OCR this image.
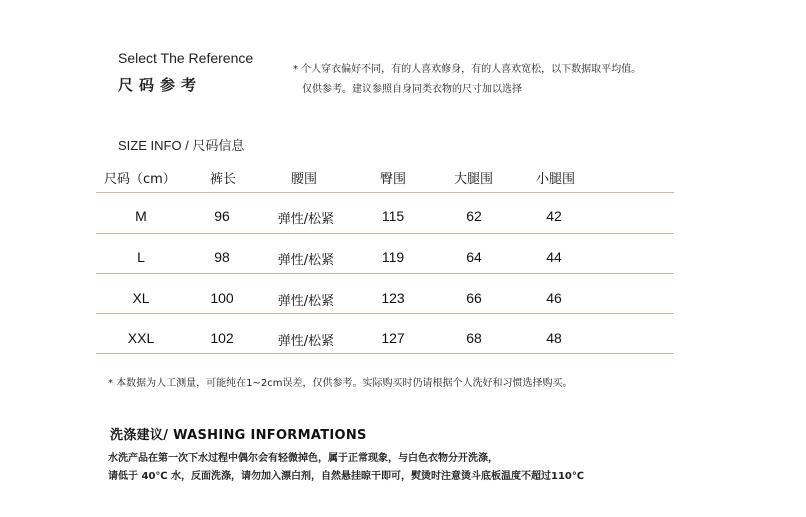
Select The Reference
尺码参考
* 个人穿衣偏好不同，有的人喜欢修身，有的人喜欢宽松，以下数据取平均值。
仅供参考。建议参照自身同类衣物的尺寸加以选择
SIZE INFO / 尺码信息
尺码（cm）	裤长	腰围	臀围	大腿围	小腿围
M	96	弹性/松紧	115	62	42
L	98	弹性/松紧	119	64	44
XL	100	弹性/松紧	123	66	46
XXL	102	弹性/松紧	127	68	48
* 本数据为人工测量，可能纯在1~2cm误差，仅供参考。实际购买时仍请根据个人洗好和习惯选择购买。
洗涤建议/ WASHING INFORMATIONS
水洗产品在第一次下水过程中偶尔会有轻微掉色，属于正常现象，与白色衣物分开洗涤，
请低于 40℃ 水，反面洗涤，请勿加入漂白剂，自然悬挂晾干即可，熨烫时注意烫斗底板温度不超过110℃
